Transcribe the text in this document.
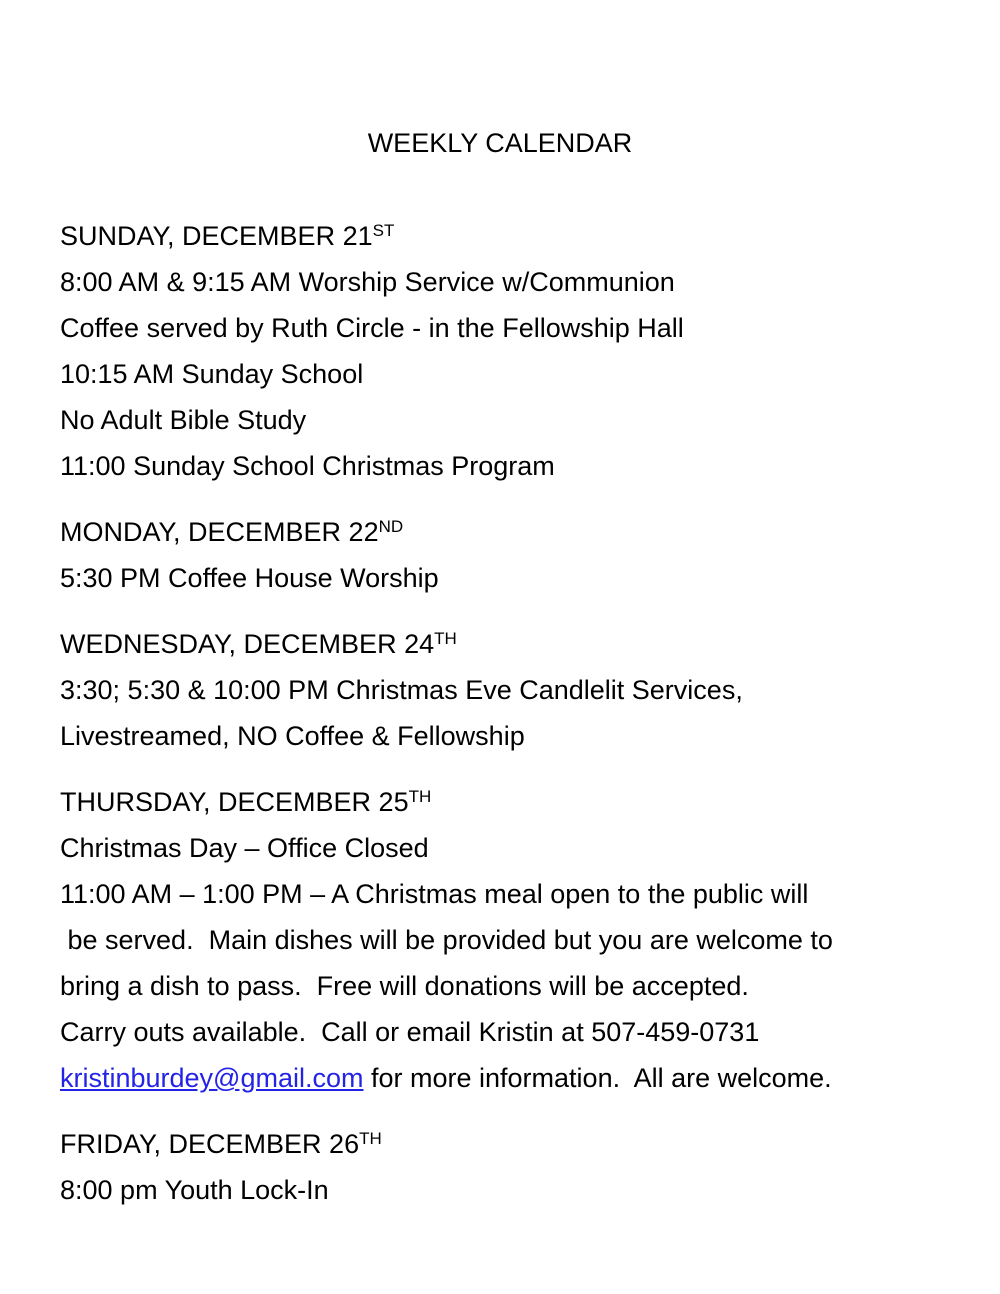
WEEKLY CALENDAR

SUNDAY, DECEMBER 21ST

8:00 AM & 9:15 AM Worship Service w/Communion

Coffee served by Ruth Circle - in the Fellowship Hall

10:15 AM Sunday School

No Adult Bible Study

11:00 Sunday School Christmas Program

MONDAY, DECEMBER 22ND

5:30 PM Coffee House Worship

WEDNESDAY, DECEMBER 24TH

3:30; 5:30 & 10:00 PM Christmas Eve Candlelit Services,

Livestreamed, NO Coffee & Fellowship

THURSDAY, DECEMBER 25TH

Christmas Day – Office Closed

11:00 AM – 1:00 PM – A Christmas meal open to the public will

be served.  Main dishes will be provided but you are welcome to

bring a dish to pass.  Free will donations will be accepted.

Carry outs available.  Call or email Kristin at 507-459-0731

kristinburdey@gmail.com for more information.  All are welcome.

FRIDAY, DECEMBER 26TH

8:00 pm Youth Lock-In
